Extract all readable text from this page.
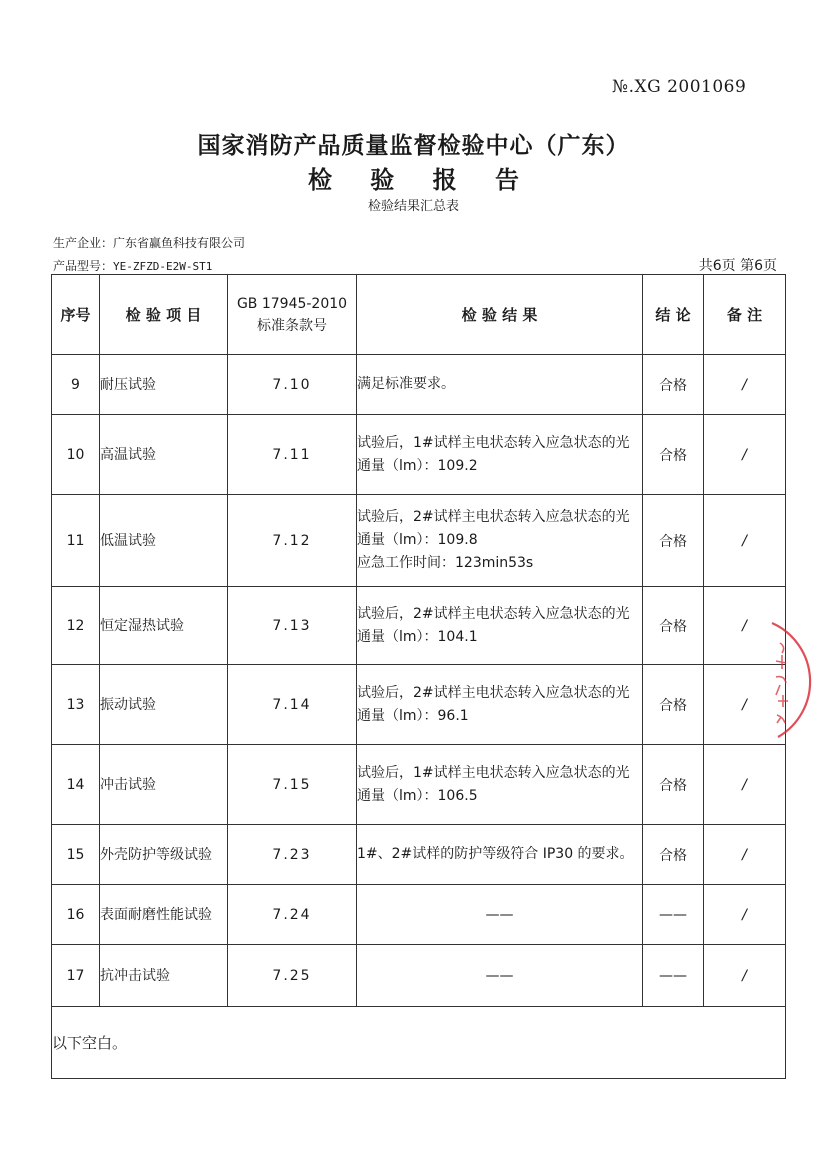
№.XG 2001069
国家消防产品质量监督检验中心（广东）
检 验 报 告
检验结果汇总表
生产企业：广东省赢鱼科技有限公司
产品型号：YE-ZFZD-E2W-ST1	共6页 第6页
序号	检 验 项 目	GB 17945-2010
标准条款号	检 验 结 果	结 论	备 注
9	耐压试验	7.10	满足标准要求。	合格	/
10	高温试验	7.11	试验后，1#试样主电状态转入应急状态的光通量（lm）：109.2	合格	/
11	低温试验	7.12	试验后，2#试样主电状态转入应急状态的光通量（lm）：109.8
应急工作时间：123min53s	合格	/
12	恒定湿热试验	7.13	试验后，2#试样主电状态转入应急状态的光通量（lm）：104.1	合格	/
13	振动试验	7.14	试验后，2#试样主电状态转入应急状态的光通量（lm）：96.1	合格	/
14	冲击试验	7.15	试验后，1#试样主电状态转入应急状态的光通量（lm）：106.5	合格	/
15	外壳防护等级试验	7.23	1#、2#试样的防护等级符合 IP30 的要求。	合格	/
16	表面耐磨性能试验	7.24	——	——	/
17	抗冲击试验	7.25	——	——	/
以下空白。					
